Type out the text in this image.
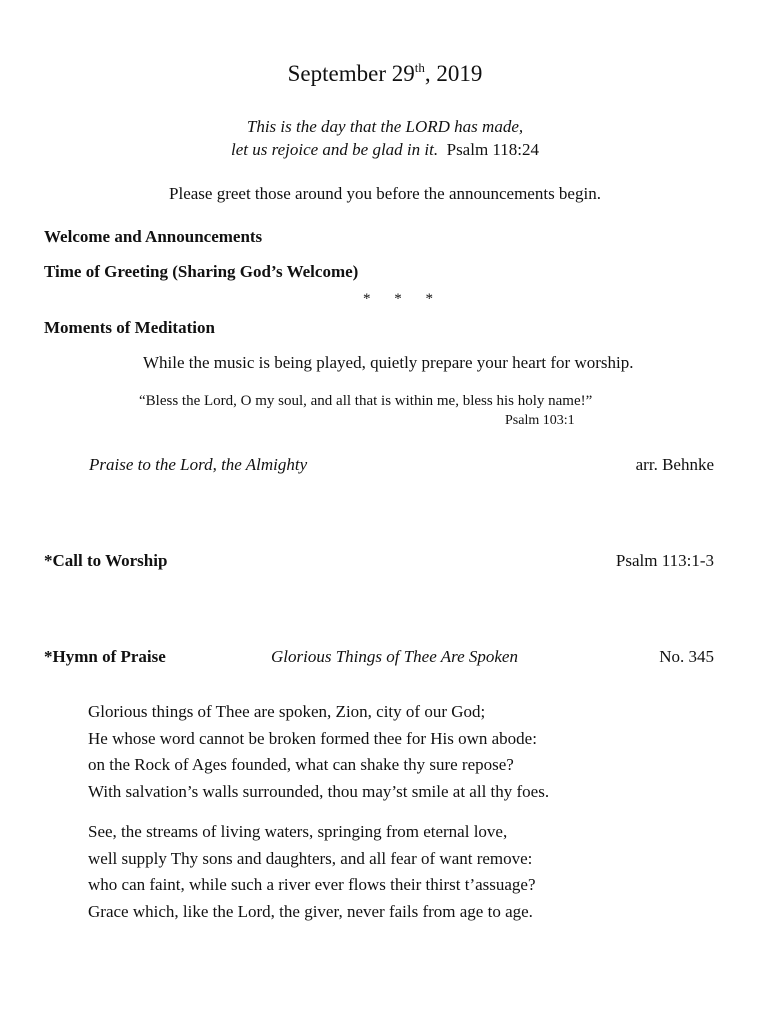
September 29th, 2019
This is the day that the LORD has made,
let us rejoice and be glad in it. Psalm 118:24
Please greet those around you before the announcements begin.
Welcome and Announcements
Time of Greeting (Sharing God’s Welcome)
* * *
Moments of Meditation
While the music is being played, quietly prepare your heart for worship.
“Bless the Lord, O my soul, and all that is within me, bless his holy name!”
Psalm 103:1
Praise to the Lord, the Almighty	arr. Behnke
*Call to Worship	Psalm 113:1-3
*Hymn of Praise	Glorious Things of Thee Are Spoken	No. 345
Glorious things of Thee are spoken, Zion, city of our God;
He whose word cannot be broken formed thee for His own abode:
on the Rock of Ages founded, what can shake thy sure repose?
With salvation’s walls surrounded, thou may’st smile at all thy foes.
See, the streams of living waters, springing from eternal love,
well supply Thy sons and daughters, and all fear of want remove:
who can faint, while such a river ever flows their thirst t’assuage?
Grace which, like the Lord, the giver, never fails from age to age.
